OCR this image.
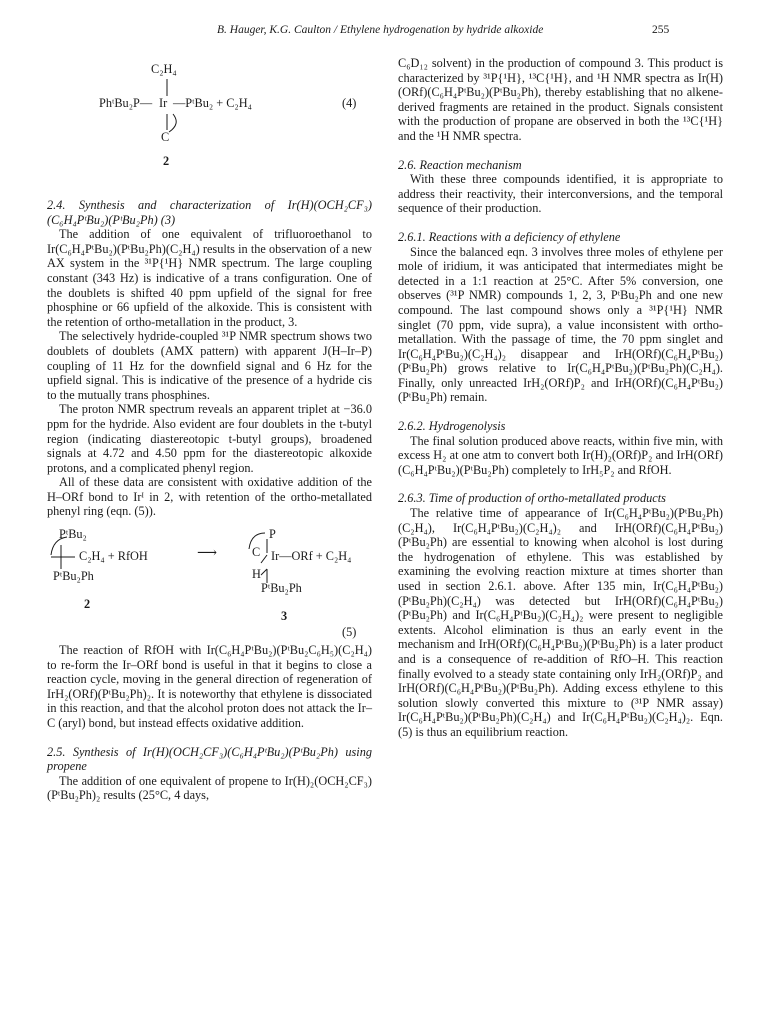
B. Hauger, K.G. Caulton / Ethylene hydrogenation by hydride alkoxide	255
C₂H₄
PhᵗBu₂P— Ir —PᵗBu₂ + C₂H₄
C
(4)
2

2.4. Synthesis and characterization of Ir(H)(OCH₂CF₃)(C₆H₄PᵗBu₂)(PᵗBu₂Ph) (3)

The addition of one equivalent of trifluoroethanol to Ir(C₆H₄PᵗBu₂)(PᵗBu₂Ph)(C₂H₄) results in the observation of a new AX system in the ³¹P{¹H} NMR spectrum. The large coupling constant (343 Hz) is indicative of a trans configuration. One of the doublets is shifted 40 ppm upfield of the signal for free phosphine or 66 upfield of the alkoxide. This is consistent with the retention of ortho-metallation in the product, 3.

The selectively hydride-coupled ³¹P NMR spectrum shows two doublets of doublets (AMX pattern) with apparent J(H–Ir–P) coupling of 11 Hz for the downfield signal and 6 Hz for the upfield signal. This is indicative of the presence of a hydride cis to the mutually trans phosphines.

The proton NMR spectrum reveals an apparent triplet at −36.0 ppm for the hydride. Also evident are four doublets in the t-butyl region (indicating diastereotopic t-butyl groups), broadened signals at 4.72 and 4.50 ppm for the diastereotopic alkoxide protons, and a complicated phenyl region.

All of these data are consistent with oxidative addition of the H–ORf bond to Irᴵ in 2, with retention of the ortho-metallated phenyl ring (eqn. (5)).

PᵗBu₂
C₂H₄ + RfOH
PᵗBu₂Ph
⟶
P
C
H
Ir—ORf + C₂H₄
PᵗBu₂Ph
2
3
(5)

The reaction of RfOH with Ir(C₆H₄PᵗBu₂)(PᵗBu₂C₆H₅)(C₂H₄) to re-form the Ir–ORf bond is useful in that it begins to close a reaction cycle, moving in the general direction of regeneration of IrH₂(ORf)(PᵗBu₂Ph)₂. It is noteworthy that ethylene is dissociated in this reaction, and that the alcohol proton does not attack the Ir–C (aryl) bond, but instead effects oxidative addition.

2.5. Synthesis of Ir(H)(OCH₂CF₃)(C₆H₄PᵗBu₂)(PᵗBu₂Ph) using propene

The addition of one equivalent of propene to Ir(H)₂(OCH₂CF₃)(PᵗBu₂Ph)₂ results (25°C, 4 days,

C₆D₁₂ solvent) in the production of compound 3. This product is characterized by ³¹P{¹H}, ¹³C{¹H}, and ¹H NMR spectra as Ir(H)(ORf)(C₆H₄PᵗBu₂)(PᵗBu₂Ph), thereby establishing that no alkene-derived fragments are retained in the product. Signals consistent with the production of propane are observed in both the ¹³C{¹H} and the ¹H NMR spectra.

2.6. Reaction mechanism

With these three compounds identified, it is appropriate to address their reactivity, their interconversions, and the temporal sequence of their production.

2.6.1. Reactions with a deficiency of ethylene

Since the balanced eqn. 3 involves three moles of ethylene per mole of iridium, it was anticipated that intermediates might be detected in a 1:1 reaction at 25°C. After 5% conversion, one observes (³¹P NMR) compounds 1, 2, 3, PᵗBu₂Ph and one new compound. The last compound shows only a ³¹P{¹H} NMR singlet (70 ppm, vide supra), a value inconsistent with ortho-metallation. With the passage of time, the 70 ppm singlet and Ir(C₆H₄PᵗBu₂)(C₂H₄)₂ disappear and IrH(ORf)(C₆H₄PᵗBu₂)(PᵗBu₂Ph) grows relative to Ir(C₆H₄PᵗBu₂)(PᵗBu₂Ph)(C₂H₄). Finally, only unreacted IrH₂(ORf)P₂ and IrH(ORf)(C₆H₄PᵗBu₂)(PᵗBu₂Ph) remain.

2.6.2. Hydrogenolysis

The final solution produced above reacts, within five min, with excess H₂ at one atm to convert both Ir(H)₂(ORf)P₂ and IrH(ORf)(C₆H₄PᵗBu₂)(PᵗBu₂Ph) completely to IrH₅P₂ and RfOH.

2.6.3. Time of production of ortho-metallated products

The relative time of appearance of Ir(C₆H₄PᵗBu₂)(PᵗBu₂Ph)(C₂H₄), Ir(C₆H₄PᵗBu₂)(C₂H₄)₂ and IrH(ORf)(C₆H₄PᵗBu₂)(PᵗBu₂Ph) are essential to knowing when alcohol is lost during the hydrogenation of ethylene. This was established by examining the evolving reaction mixture at times shorter than used in section 2.6.1. above. After 135 min, Ir(C₆H₄PᵗBu₂)(PᵗBu₂Ph)(C₂H₄) was detected but IrH(ORf)(C₆H₄PᵗBu₂)(PᵗBu₂Ph) and Ir(C₆H₄PᵗBu₂)(C₂H₄)₂ were present to negligible extents. Alcohol elimination is thus an early event in the mechanism and IrH(ORf)(C₆H₄PᵗBu₂)(PᵗBu₂Ph) is a later product and is a consequence of re-addition of RfO–H. This reaction finally evolved to a steady state containing only IrH₂(ORf)P₂ and IrH(ORf)(C₆H₄PᵗBu₂)(PᵗBu₂Ph). Adding excess ethylene to this solution slowly converted this mixture to (³¹P NMR assay) Ir(C₆H₄PᵗBu₂)(PᵗBu₂Ph)(C₂H₄) and Ir(C₆H₄PᵗBu₂)(C₂H₄)₂. Eqn. (5) is thus an equilibrium reaction.
